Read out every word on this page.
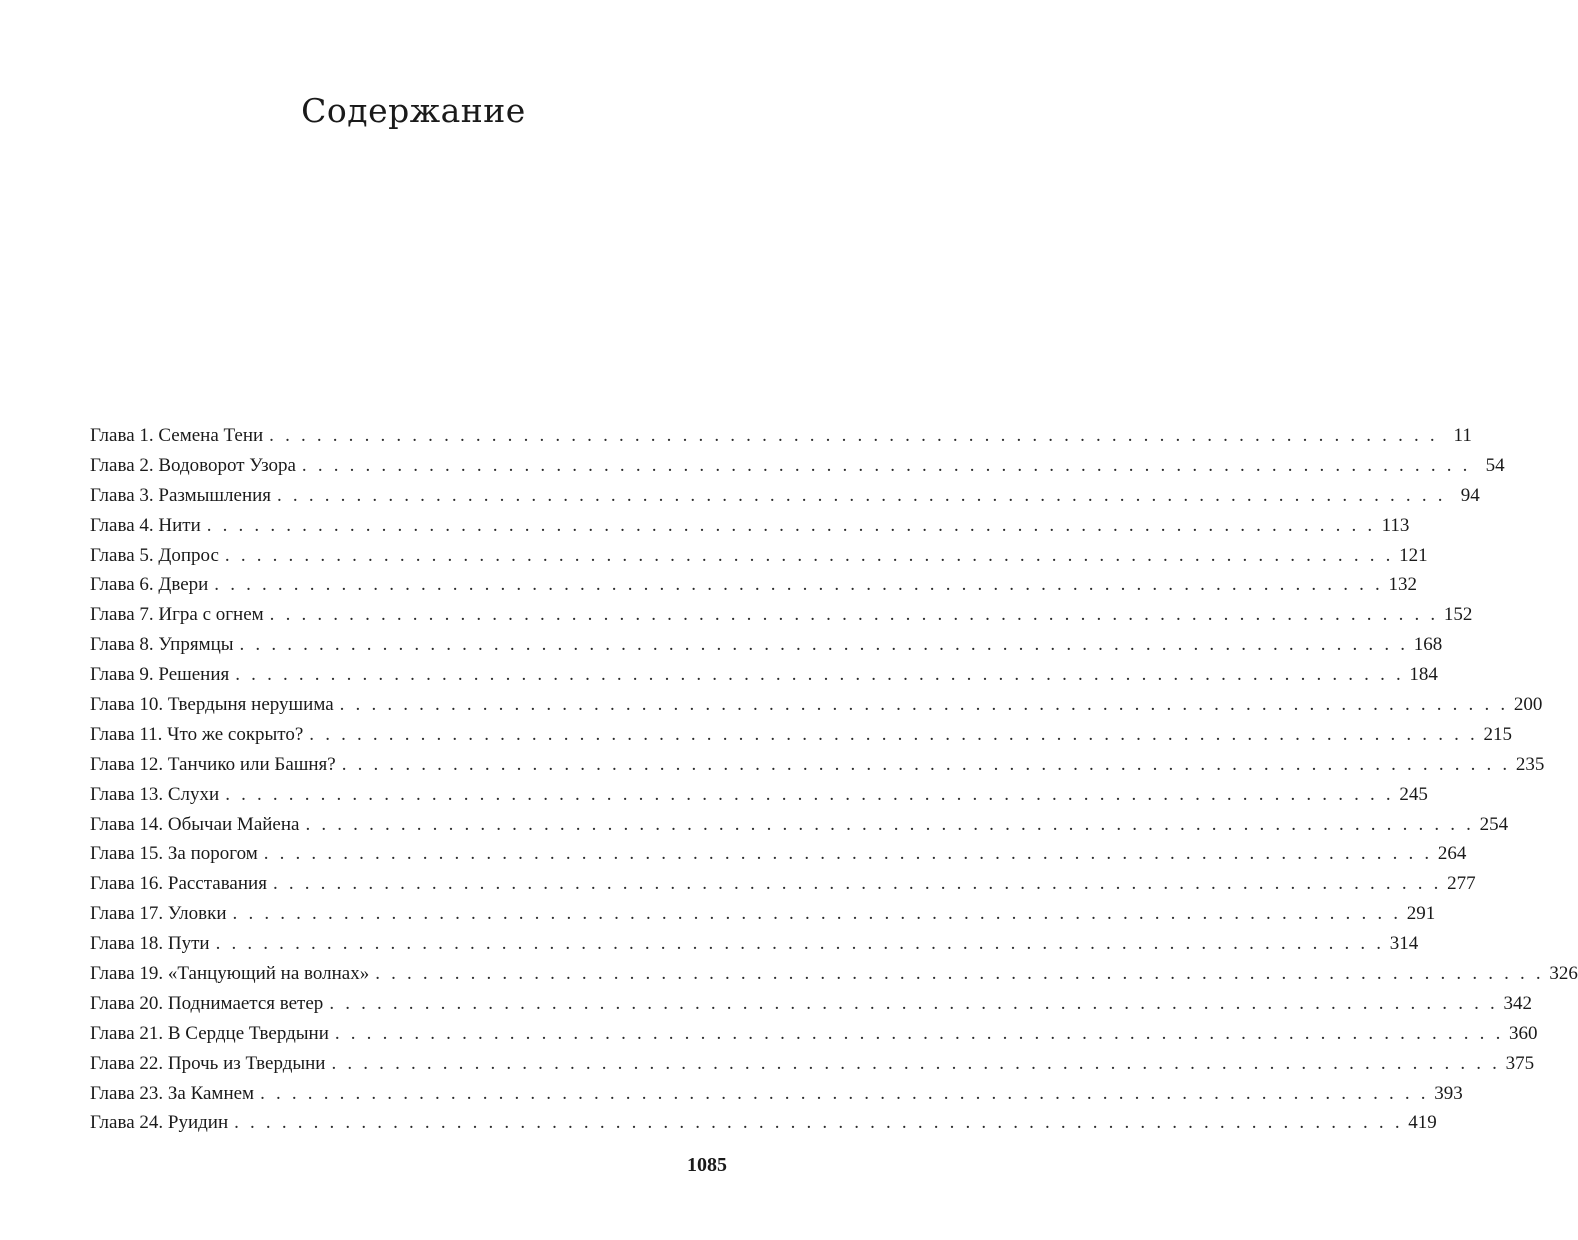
Содержание
Глава 1. Семена Тени . . . . . . . . . . . . . . . . . . . . . . . . . . . . . . . . . . . . . . . . . . . . . . . . . . . . . . . . . . . . . . . . . . . . . . . . . . 11
Глава 2. Водоворот Узора . . . . . . . . . . . . . . . . . . . . . . . . . . . . . . . . . . . . . . . . . . . . . . . . . . . . . . . . . . . . . . . . . . . . . . . . . . 54
Глава 3. Размышления . . . . . . . . . . . . . . . . . . . . . . . . . . . . . . . . . . . . . . . . . . . . . . . . . . . . . . . . . . . . . . . . . . . . . . . . . . 94
Глава 4. Нити . . . . . . . . . . . . . . . . . . . . . . . . . . . . . . . . . . . . . . . . . . . . . . . . . . . . . . . . . . . . . . . . . . . . . . . . . . 113
Глава 5. Допрос . . . . . . . . . . . . . . . . . . . . . . . . . . . . . . . . . . . . . . . . . . . . . . . . . . . . . . . . . . . . . . . . . . . . . . . . . . 121
Глава 6. Двери . . . . . . . . . . . . . . . . . . . . . . . . . . . . . . . . . . . . . . . . . . . . . . . . . . . . . . . . . . . . . . . . . . . . . . . . . . 132
Глава 7. Игра с огнем . . . . . . . . . . . . . . . . . . . . . . . . . . . . . . . . . . . . . . . . . . . . . . . . . . . . . . . . . . . . . . . . . . . . . . . . . . 152
Глава 8. Упрямцы . . . . . . . . . . . . . . . . . . . . . . . . . . . . . . . . . . . . . . . . . . . . . . . . . . . . . . . . . . . . . . . . . . . . . . . . . . 168
Глава 9. Решения . . . . . . . . . . . . . . . . . . . . . . . . . . . . . . . . . . . . . . . . . . . . . . . . . . . . . . . . . . . . . . . . . . . . . . . . . . 184
Глава 10. Твердыня нерушима . . . . . . . . . . . . . . . . . . . . . . . . . . . . . . . . . . . . . . . . . . . . . . . . . . . . . . . . . . . . . . . . . . . . . . . . . . 200
Глава 11. Что же сокрыто? . . . . . . . . . . . . . . . . . . . . . . . . . . . . . . . . . . . . . . . . . . . . . . . . . . . . . . . . . . . . . . . . . . . . . . . . . . 215
Глава 12. Танчико или Башня? . . . . . . . . . . . . . . . . . . . . . . . . . . . . . . . . . . . . . . . . . . . . . . . . . . . . . . . . . . . . . . . . . . . . . . . . . . 235
Глава 13. Слухи . . . . . . . . . . . . . . . . . . . . . . . . . . . . . . . . . . . . . . . . . . . . . . . . . . . . . . . . . . . . . . . . . . . . . . . . . . 245
Глава 14. Обычаи Майена . . . . . . . . . . . . . . . . . . . . . . . . . . . . . . . . . . . . . . . . . . . . . . . . . . . . . . . . . . . . . . . . . . . . . . . . . . 254
Глава 15. За порогом . . . . . . . . . . . . . . . . . . . . . . . . . . . . . . . . . . . . . . . . . . . . . . . . . . . . . . . . . . . . . . . . . . . . . . . . . . 264
Глава 16. Расставания . . . . . . . . . . . . . . . . . . . . . . . . . . . . . . . . . . . . . . . . . . . . . . . . . . . . . . . . . . . . . . . . . . . . . . . . . . 277
Глава 17. Уловки . . . . . . . . . . . . . . . . . . . . . . . . . . . . . . . . . . . . . . . . . . . . . . . . . . . . . . . . . . . . . . . . . . . . . . . . . . 291
Глава 18. Пути . . . . . . . . . . . . . . . . . . . . . . . . . . . . . . . . . . . . . . . . . . . . . . . . . . . . . . . . . . . . . . . . . . . . . . . . . . 314
Глава 19. «Танцующий на волнах» . . . . . . . . . . . . . . . . . . . . . . . . . . . . . . . . . . . . . . . . . . . . . . . . . . . . . . . . . . . . . . . . . . . . . . . . . . 326
Глава 20. Поднимается ветер . . . . . . . . . . . . . . . . . . . . . . . . . . . . . . . . . . . . . . . . . . . . . . . . . . . . . . . . . . . . . . . . . . . . . . . . . . 342
Глава 21. В Сердце Твердыни . . . . . . . . . . . . . . . . . . . . . . . . . . . . . . . . . . . . . . . . . . . . . . . . . . . . . . . . . . . . . . . . . . . . . . . . . . 360
Глава 22. Прочь из Твердыни . . . . . . . . . . . . . . . . . . . . . . . . . . . . . . . . . . . . . . . . . . . . . . . . . . . . . . . . . . . . . . . . . . . . . . . . . . 375
Глава 23. За Камнем . . . . . . . . . . . . . . . . . . . . . . . . . . . . . . . . . . . . . . . . . . . . . . . . . . . . . . . . . . . . . . . . . . . . . . . . . . 393
Глава 24. Руидин . . . . . . . . . . . . . . . . . . . . . . . . . . . . . . . . . . . . . . . . . . . . . . . . . . . . . . . . . . . . . . . . . . . . . . . . . . 419
1085
